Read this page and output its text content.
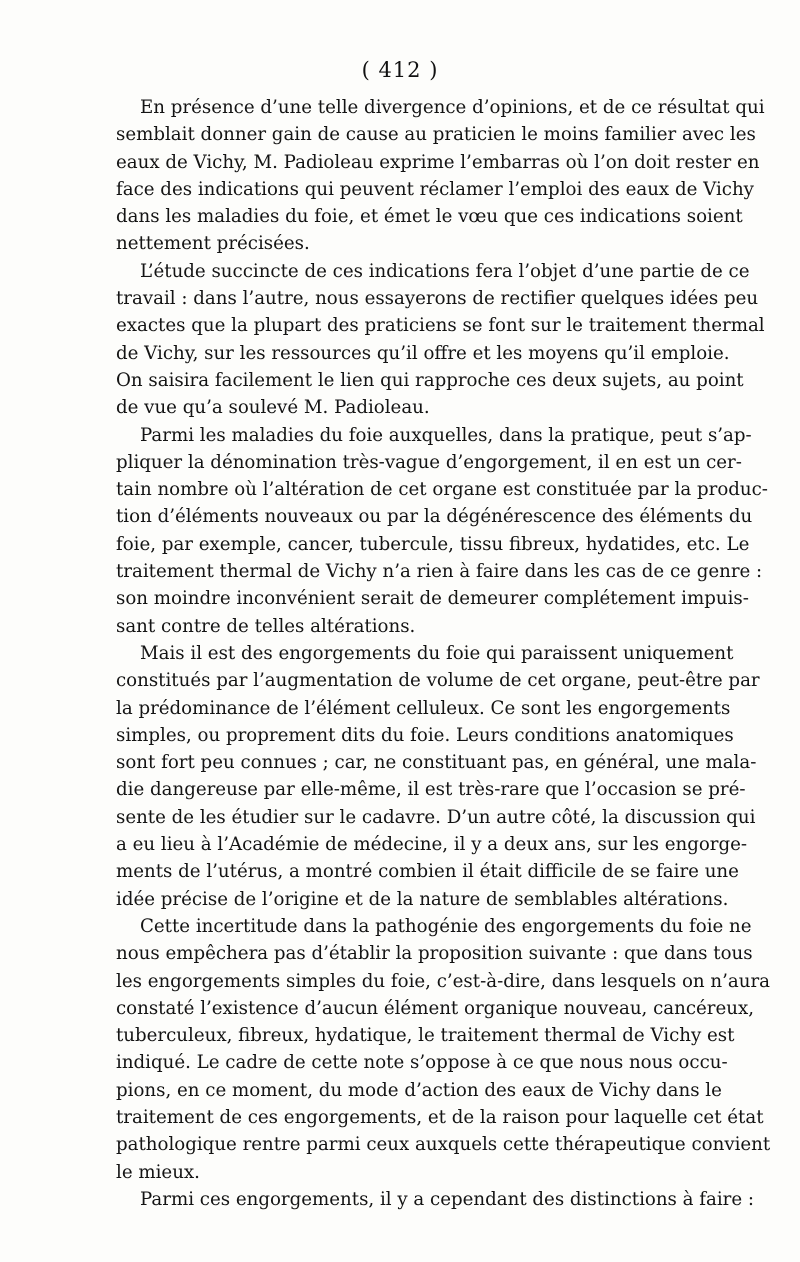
( 412 )

En présence d’une telle divergence d’opinions, et de ce résultat qui
semblait donner gain de cause au praticien le moins familier avec les
eaux de Vichy, M. Padioleau exprime l’embarras où l’on doit rester en
face des indications qui peuvent réclamer l’emploi des eaux de Vichy
dans les maladies du foie, et émet le vœu que ces indications soient
nettement précisées.

L’étude succincte de ces indications fera l’objet d’une partie de ce
travail : dans l’autre, nous essayerons de rectifier quelques idées peu
exactes que la plupart des praticiens se font sur le traitement thermal
de Vichy, sur les ressources qu’il offre et les moyens qu’il emploie.
On saisira facilement le lien qui rapproche ces deux sujets, au point
de vue qu’a soulevé M. Padioleau.

Parmi les maladies du foie auxquelles, dans la pratique, peut s’ap-
pliquer la dénomination très-vague d’engorgement, il en est un cer-
tain nombre où l’altération de cet organe est constituée par la produc-
tion d’éléments nouveaux ou par la dégénérescence des éléments du
foie, par exemple, cancer, tubercule, tissu fibreux, hydatides, etc. Le
traitement thermal de Vichy n’a rien à faire dans les cas de ce genre :
son moindre inconvénient serait de demeurer complétement impuis-
sant contre de telles altérations.

Mais il est des engorgements du foie qui paraissent uniquement
constitués par l’augmentation de volume de cet organe, peut-être par
la prédominance de l’élément celluleux. Ce sont les engorgements
simples, ou proprement dits du foie. Leurs conditions anatomiques
sont fort peu connues ; car, ne constituant pas, en général, une mala-
die dangereuse par elle-même, il est très-rare que l’occasion se pré-
sente de les étudier sur le cadavre. D’un autre côté, la discussion qui
a eu lieu à l’Académie de médecine, il y a deux ans, sur les engorge-
ments de l’utérus, a montré combien il était difficile de se faire une
idée précise de l’origine et de la nature de semblables altérations.

Cette incertitude dans la pathogénie des engorgements du foie ne
nous empêchera pas d’établir la proposition suivante : que dans tous
les engorgements simples du foie, c’est-à-dire, dans lesquels on n’aura
constaté l’existence d’aucun élément organique nouveau, cancéreux,
tuberculeux, fibreux, hydatique, le traitement thermal de Vichy est
indiqué. Le cadre de cette note s’oppose à ce que nous nous occu-
pions, en ce moment, du mode d’action des eaux de Vichy dans le
traitement de ces engorgements, et de la raison pour laquelle cet état
pathologique rentre parmi ceux auxquels cette thérapeutique convient
le mieux.

Parmi ces engorgements, il y a cependant des distinctions à faire :
